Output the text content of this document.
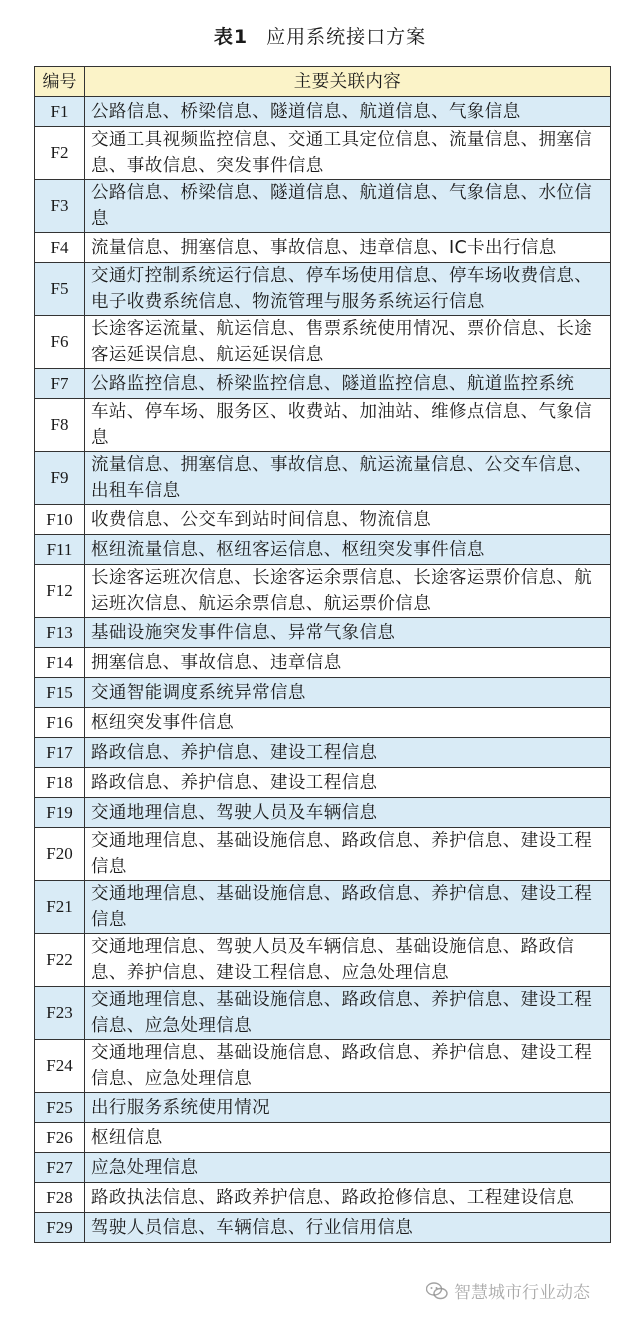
表1 应用系统接口方案
编号	主要关联内容
F1	公路信息、桥梁信息、隧道信息、航道信息、气象信息
F2	交通工具视频监控信息、交通工具定位信息、流量信息、拥塞信息、事故信息、突发事件信息
F3	公路信息、桥梁信息、隧道信息、航道信息、气象信息、水位信息
F4	流量信息、拥塞信息、事故信息、违章信息、IC卡出行信息
F5	交通灯控制系统运行信息、停车场使用信息、停车场收费信息、电子收费系统信息、物流管理与服务系统运行信息
F6	长途客运流量、航运信息、售票系统使用情况、票价信息、长途客运延误信息、航运延误信息
F7	公路监控信息、桥梁监控信息、隧道监控信息、航道监控系统
F8	车站、停车场、服务区、收费站、加油站、维修点信息、气象信息
F9	流量信息、拥塞信息、事故信息、航运流量信息、公交车信息、出租车信息
F10	收费信息、公交车到站时间信息、物流信息
F11	枢纽流量信息、枢纽客运信息、枢纽突发事件信息
F12	长途客运班次信息、长途客运余票信息、长途客运票价信息、航运班次信息、航运余票信息、航运票价信息
F13	基础设施突发事件信息、异常气象信息
F14	拥塞信息、事故信息、违章信息
F15	交通智能调度系统异常信息
F16	枢纽突发事件信息
F17	路政信息、养护信息、建设工程信息
F18	路政信息、养护信息、建设工程信息
F19	交通地理信息、驾驶人员及车辆信息
F20	交通地理信息、基础设施信息、路政信息、养护信息、建设工程信息
F21	交通地理信息、基础设施信息、路政信息、养护信息、建设工程信息
F22	交通地理信息、驾驶人员及车辆信息、基础设施信息、路政信息、养护信息、建设工程信息、应急处理信息
F23	交通地理信息、基础设施信息、路政信息、养护信息、建设工程信息、应急处理信息
F24	交通地理信息、基础设施信息、路政信息、养护信息、建设工程信息、应急处理信息
F25	出行服务系统使用情况
F26	枢纽信息
F27	应急处理信息
F28	路政执法信息、路政养护信息、路政抢修信息、工程建设信息
F29	驾驶人员信息、车辆信息、行业信用信息
智慧城市行业动态
